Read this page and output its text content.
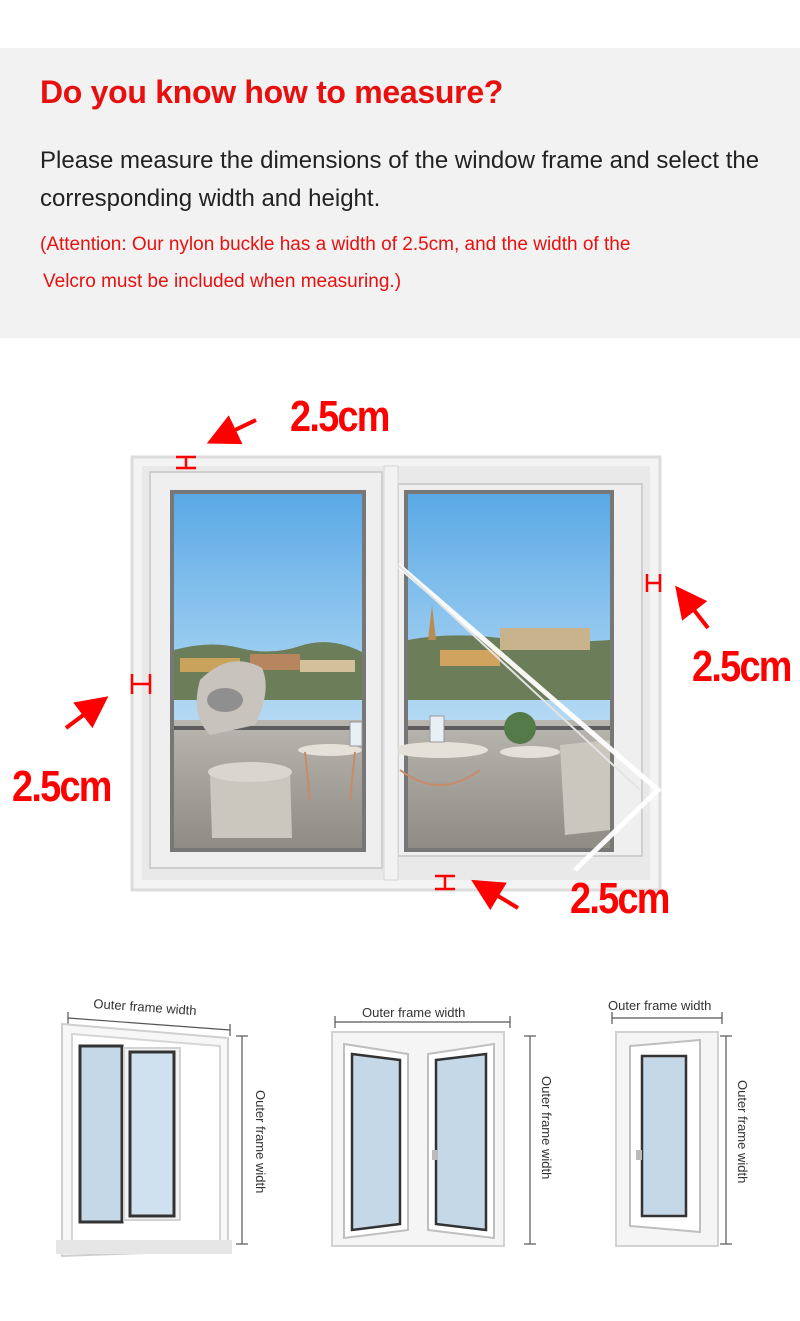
Do you know how to measure?
Please measure the dimensions of the window frame and select the corresponding width and height.
(Attention: Our nylon buckle has a width of 2.5cm, and the width of the
Velcro must be included when measuring.)
2.5cm
2.5cm
2.5cm
2.5cm
Outer frame width
Outer frame width
Outer frame width
Outer frame width
Outer frame width
Outer frame width
